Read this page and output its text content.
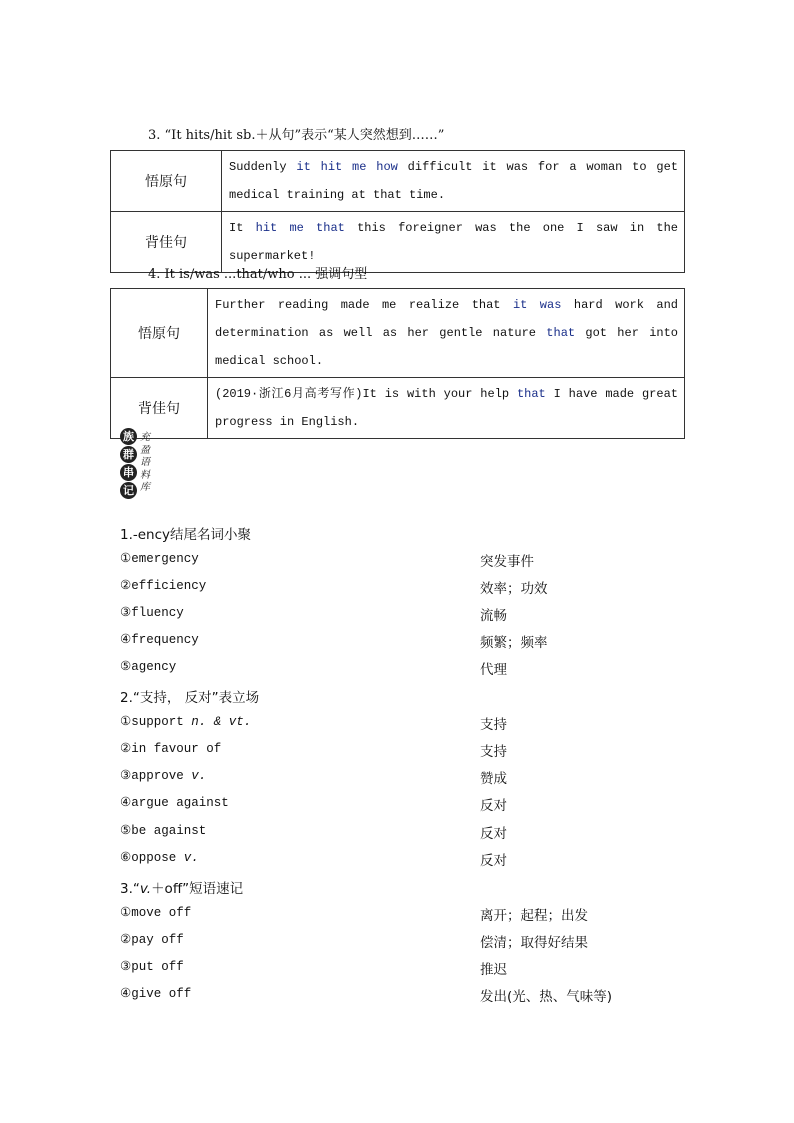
3. “It hits/hit sb.＋从句”表示“某人突然想到……”
悟原句	Suddenly it hit me how difficult it was for a woman to get medical training at that time.
背佳句	It hit me that this foreigner was the one I saw in the supermarket!
4. It is/was ...that/who ... 强调句型
悟原句	Further reading made me realize that it was hard work and determination as well as her gentle nature that got her into medical school.
背佳句	(2019·浙江6月高考写作)It is with your help that I have made great progress in English.
族
群
串
记
充
盈
语
料
库
1.-ency结尾名词小聚
①emergency	突发事件
②efficiency	效率；功效
③fluency	流畅
④frequency	频繁；频率
⑤agency	代理
2.“支持， 反对”表立场
①support n. & vt.	支持
②in favour of	支持
③approve v.	赞成
④argue against	反对
⑤be against	反对
⑥oppose v.	反对
3.“v.＋off”短语速记
①move off	离开；起程；出发
②pay off	偿清；取得好结果
③put off	推迟
④give off	发出(光、热、气味等)
